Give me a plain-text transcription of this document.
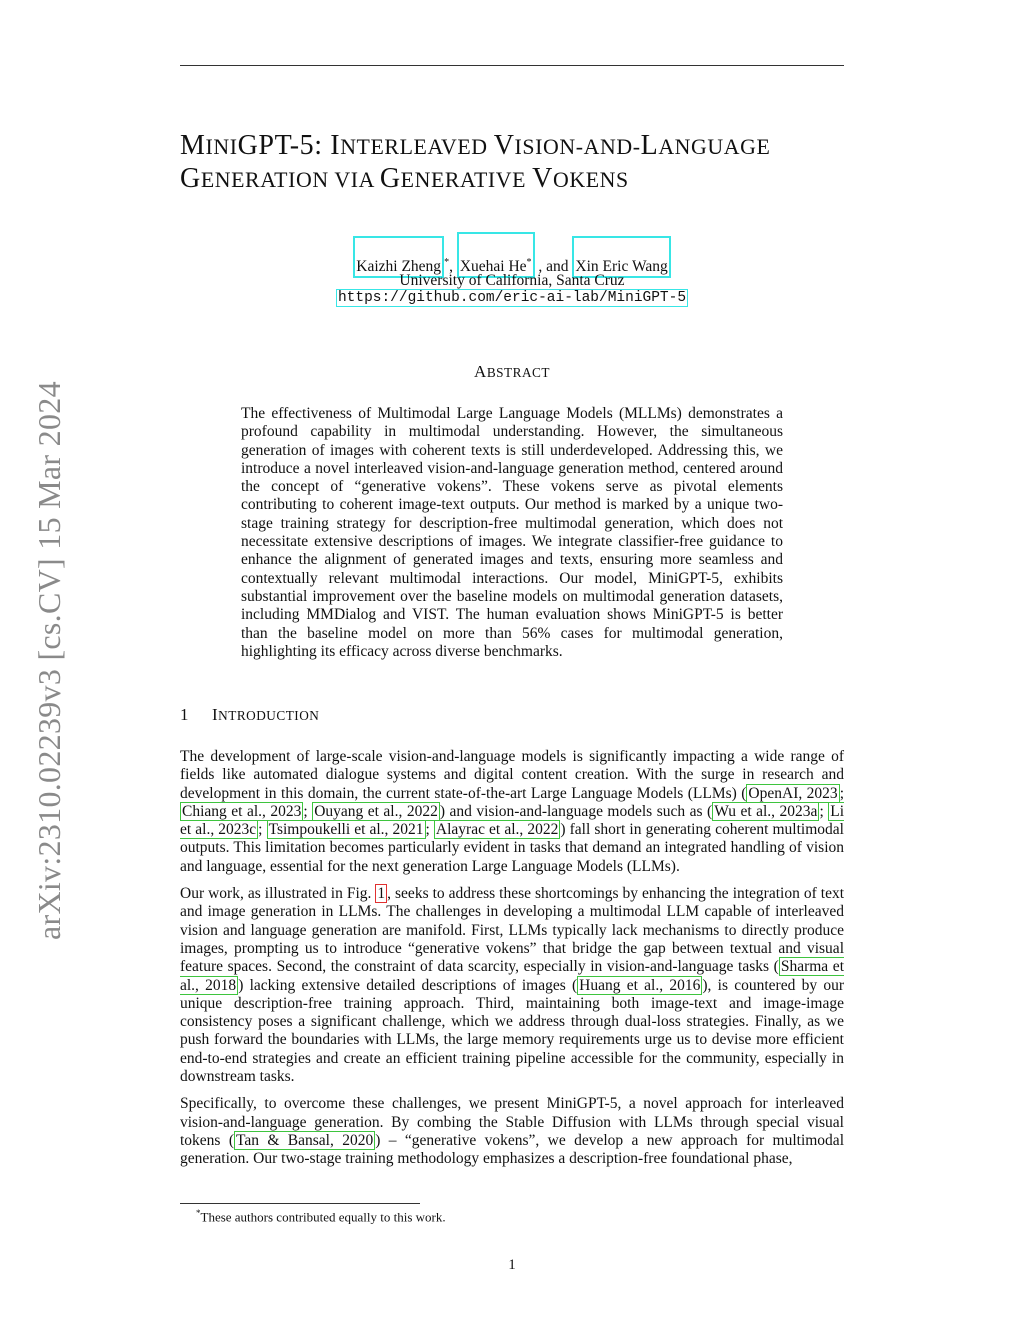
arXiv:2310.02239v3 [cs.CV] 15 Mar 2024
MINIGPT-5: INTERLEAVED VISION-AND-LANGUAGE
GENERATION VIA GENERATIVE VOKENS
Kaizhi Zheng *, Xuehai He* , and Xin Eric Wang
University of California, Santa Cruz
https://github.com/eric-ai-lab/MiniGPT-5
ABSTRACT
The effectiveness of Multimodal Large Language Models (MLLMs) demonstrates a profound capability in multimodal understanding. However, the simultaneous generation of images with coherent texts is still underdeveloped. Addressing this, we introduce a novel interleaved vision-and-language generation method, centered around the concept of “generative vokens”. These vokens serve as pivotal elements contributing to coherent image-text outputs. Our method is marked by a unique two-stage training strategy for description-free multimodal generation, which does not necessitate extensive descriptions of images. We integrate classifier-free guidance to enhance the alignment of generated images and texts, ensuring more seamless and contextually relevant multimodal interactions. Our model, MiniGPT-5, exhibits substantial improvement over the baseline models on multimodal generation datasets, including MMDialog and VIST. The human evaluation shows MiniGPT-5 is better than the baseline model on more than 56% cases for multimodal generation, highlighting its efficacy across diverse benchmarks.
1 INTRODUCTION

The development of large-scale vision-and-language models is significantly impacting a wide range of fields like automated dialogue systems and digital content creation. With the surge in research and development in this domain, the current state-of-the-art Large Language Models (LLMs) ( OpenAI, 2023 ; Chiang et al., 2023 ; Ouyang et al., 2022 ) and vision-and-language models such as ( Wu et al., 2023a ; Li et al., 2023c ; Tsimpoukelli et al., 2021 ; Alayrac et al., 2022 ) fall short in generating coherent multimodal outputs. This limitation becomes particularly evident in tasks that demand an integrated handling of vision and language, essential for the next generation Large Language Models (LLMs).

Our work, as illustrated in Fig. 1 , seeks to address these shortcomings by enhancing the integration of text and image generation in LLMs. The challenges in developing a multimodal LLM capable of interleaved vision and language generation are manifold. First, LLMs typically lack mechanisms to directly produce images, prompting us to introduce “generative vokens” that bridge the gap between textual and visual feature spaces. Second, the constraint of data scarcity, especially in vision-and-language tasks ( Sharma et al., 2018 ) lacking extensive detailed descriptions of images ( Huang et al., 2016 ), is countered by our unique description-free training approach. Third, maintaining both image-text and image-image consistency poses a significant challenge, which we address through dual-loss strategies. Finally, as we push forward the boundaries with LLMs, the large memory requirements urge us to devise more efficient end-to-end strategies and create an efficient training pipeline accessible for the community, especially in downstream tasks.

Specifically, to overcome these challenges, we present MiniGPT-5, a novel approach for interleaved vision-and-language generation. By combing the Stable Diffusion with LLMs through special visual tokens ( Tan & Bansal, 2020 ) – “generative vokens”, we develop a new approach for multimodal generation. Our two-stage training methodology emphasizes a description-free foundational phase,

*These authors contributed equally to this work.
1
